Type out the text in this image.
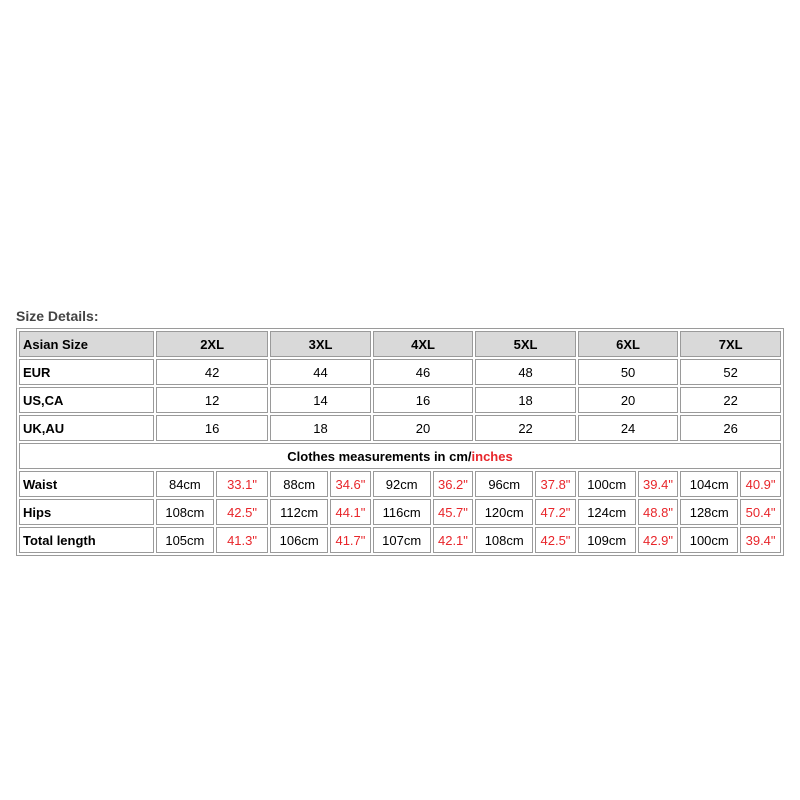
Size Details:
Asian Size	2XL		3XL		4XL		5XL		6XL		7XL	
EUR	42		44		46		48		50		52	
US,CA	12		14		16		18		20		22	
UK,AU	16		18		20		22		24		26	
Clothes measurements in cm/inches												
Waist	84cm	33.1"	88cm	34.6"	92cm	36.2"	96cm	37.8"	100cm	39.4"	104cm	40.9"
Hips	108cm	42.5"	112cm	44.1"	116cm	45.7"	120cm	47.2"	124cm	48.8"	128cm	50.4"
Total length	105cm	41.3"	106cm	41.7"	107cm	42.1"	108cm	42.5"	109cm	42.9"	100cm	39.4"
